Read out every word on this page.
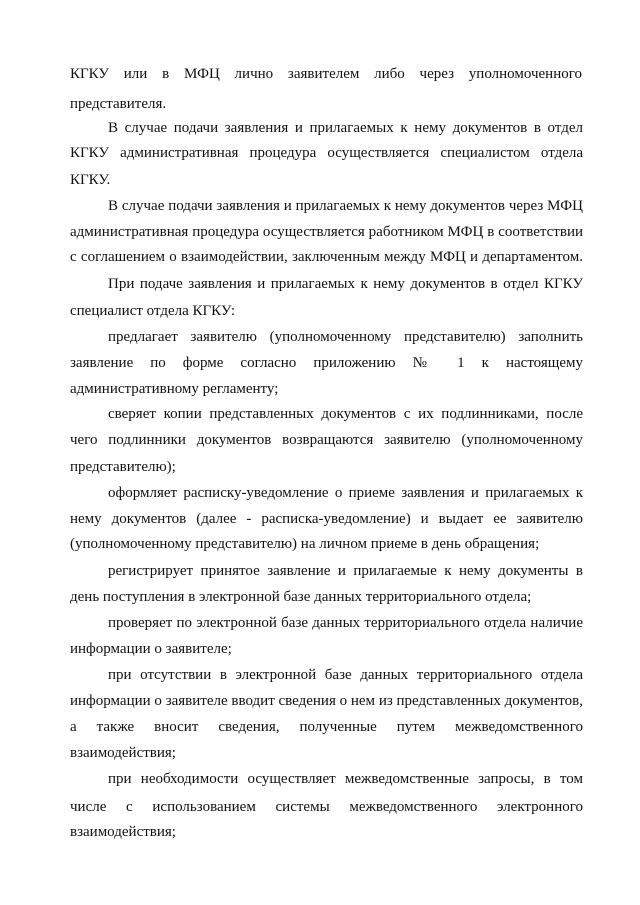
КГКУ или в МФЦ лично заявителем либо через уполномоченного
представителя.
В случае подачи заявления и прилагаемых к нему документов в отдел
КГКУ административная процедура осуществляется специалистом отдела
КГКУ.
В случае подачи заявления и прилагаемых к нему документов через МФЦ
административная процедура осуществляется работником МФЦ в соответствии
с соглашением о взаимодействии, заключенным между МФЦ и департаментом.
При подаче заявления и прилагаемых к нему документов в отдел КГКУ
специалист отдела КГКУ:
предлагает заявителю (уполномоченному представителю) заполнить
заявление по форме согласно приложению № 1 к настоящему
административному регламенту;
сверяет копии представленных документов с их подлинниками, после
чего подлинники документов возвращаются заявителю (уполномоченному
представителю);
оформляет расписку-уведомление о приеме заявления и прилагаемых к
нему документов (далее - расписка-уведомление) и выдает ее заявителю
(уполномоченному представителю) на личном приеме в день обращения;
регистрирует принятое заявление и прилагаемые к нему документы в
день поступления в электронной базе данных территориального отдела;
проверяет по электронной базе данных территориального отдела наличие
информации о заявителе;
при отсутствии в электронной базе данных территориального отдела
информации о заявителе вводит сведения о нем из представленных документов,
а также вносит сведения, полученные путем межведомственного
взаимодействия;
при необходимости осуществляет межведомственные запросы, в том
числе с использованием системы межведомственного электронного
взаимодействия;
